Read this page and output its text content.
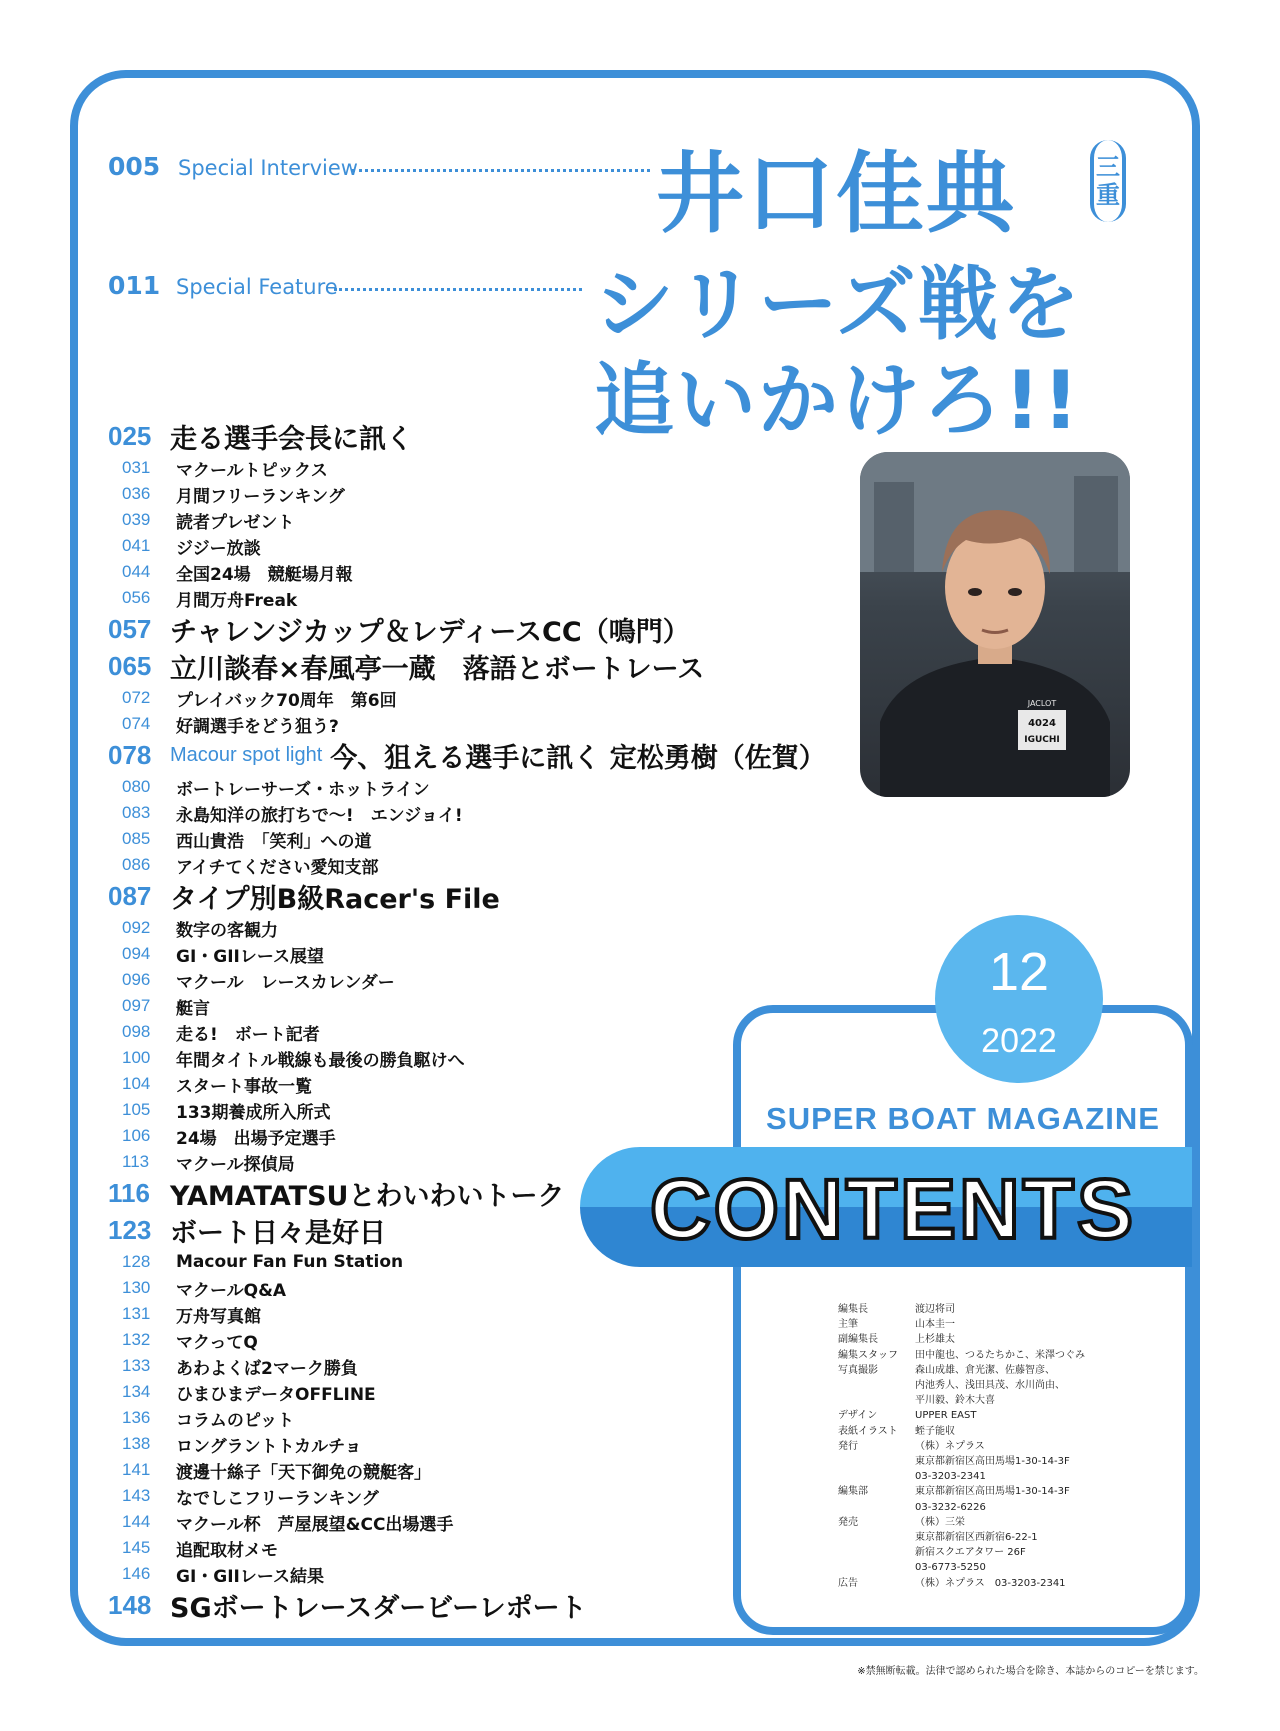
005 Special Interview
011 Special Feature
井口佳典	三
重
シリーズ戦を
追いかけろ!!
025 走る選手会長に訊く
031	マクールトピックス
036	月間フリーランキング
039	読者プレゼント
041	ジジー放談
044	全国24場　競艇場月報
056	月間万舟Freak
057 チャレンジカップ＆レディースCC（鳴門）
065 立川談春×春風亭一蔵　落語とボートレース
072	プレイバック70周年　第6回
074	好調選手をどう狙う?
078 Macour spot light 今、狙える選手に訊く 定松勇樹（佐賀）
080	ボートレーサーズ・ホットライン
083	永島知洋の旅打ちで〜!　エンジョイ!
085	西山貴浩　「笑利」への道
086	アイチてください愛知支部
087 タイプ別B級Racer's File
092	数字の客観力
094	GI・GIIレース展望
096	マクール　レースカレンダー
097	艇言
098	走る!　ボート記者
100	年間タイトル戦線も最後の勝負駆けへ
104	スタート事故一覧
105	133期養成所入所式
106	24場　出場予定選手
113	マクール探偵局
116 YAMATATSUとわいわいトーク
123 ボート日々是好日
128	Macour Fan Fun Station
130	マクールQ&A
131	万舟写真館
132	マクってQ
133	あわよくば2マーク勝負
134	ひまひまデータOFFLINE
136	コラムのピット
138	ロングラントトカルチョ
141	渡邊十絲子「天下御免の競艇客」
143	なでしこフリーランキング
144	マクール杯　芦屋展望&CC出場選手
145	追配取材メモ
146	GI・GIIレース結果
148 SGボートレースダービーレポート
JACLOT
4024
IGUCHI
12
2022
SUPER BOAT MAGAZINE
CONTENTS
編集長	渡辺将司
主筆	山本圭一
副編集長	上杉雄太
編集スタッフ	田中龍也、つるたちかこ、米澤つぐみ
写真撮影	森山成雄、倉光潔、佐藤智彦、
内池秀人、浅田具茂、水川尚由、
平川毅、鈴木大喜
デザイン	UPPER EAST
表紙イラスト	蛭子能収
発行	（株）ネプラス
東京都新宿区高田馬場1-30-14-3F
03-3203-2341
編集部	東京都新宿区高田馬場1-30-14-3F
03-3232-6226
発売	（株）三栄
東京都新宿区西新宿6-22-1
新宿スクエアタワー 26F
03-6773-5250
広告	（株）ネプラス　03-3203-2341
※禁無断転載。法律で認められた場合を除き、本誌からのコピーを禁じます。
